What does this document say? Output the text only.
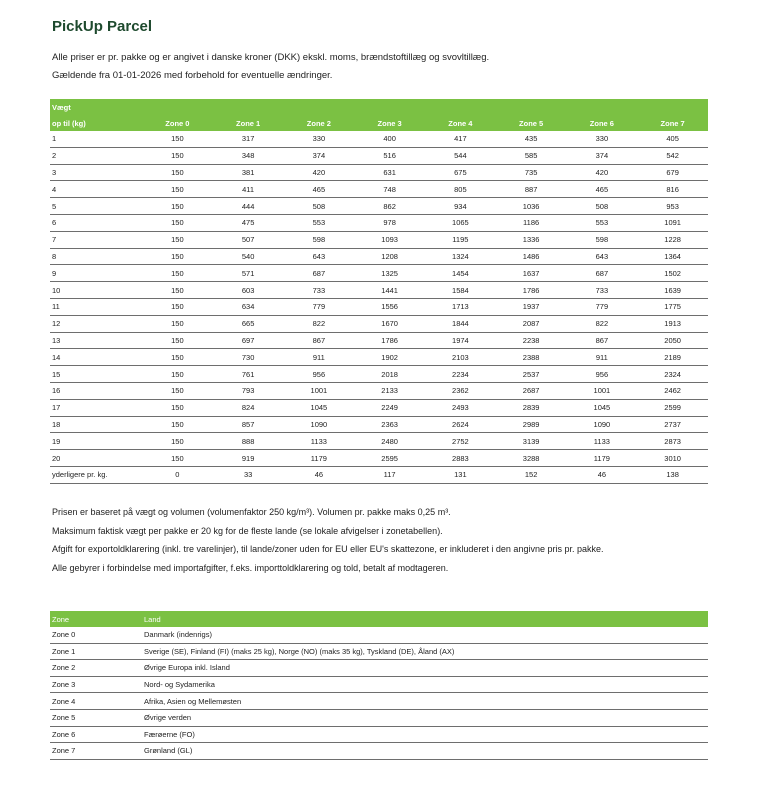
PickUp Parcel
Alle priser er pr. pakke og er angivet i danske kroner (DKK) ekskl. moms, brændstoftillæg og svovltillæg.
Gældende fra 01-01-2026 med forbehold for eventuelle ændringer.
Vægt								
op til (kg)	Zone 0	Zone 1	Zone 2	Zone 3	Zone 4	Zone 5	Zone 6	Zone 7
1	150	317	330	400	417	435	330	405
2	150	348	374	516	544	585	374	542
3	150	381	420	631	675	735	420	679
4	150	411	465	748	805	887	465	816
5	150	444	508	862	934	1036	508	953
6	150	475	553	978	1065	1186	553	1091
7	150	507	598	1093	1195	1336	598	1228
8	150	540	643	1208	1324	1486	643	1364
9	150	571	687	1325	1454	1637	687	1502
10	150	603	733	1441	1584	1786	733	1639
11	150	634	779	1556	1713	1937	779	1775
12	150	665	822	1670	1844	2087	822	1913
13	150	697	867	1786	1974	2238	867	2050
14	150	730	911	1902	2103	2388	911	2189
15	150	761	956	2018	2234	2537	956	2324
16	150	793	1001	2133	2362	2687	1001	2462
17	150	824	1045	2249	2493	2839	1045	2599
18	150	857	1090	2363	2624	2989	1090	2737
19	150	888	1133	2480	2752	3139	1133	2873
20	150	919	1179	2595	2883	3288	1179	3010
yderligere pr. kg.	0	33	46	117	131	152	46	138
Prisen er baseret på vægt og volumen (volumenfaktor 250 kg/m³). Volumen pr. pakke maks 0,25 m³.
Maksimum faktisk vægt per pakke er 20 kg for de fleste lande (se lokale afvigelser i zonetabellen).
Afgift for exportoldklarering (inkl. tre varelinjer), til lande/zoner uden for EU eller EU's skattezone, er inkluderet i den angivne pris pr. pakke.
Alle gebyrer i forbindelse med importafgifter, f.eks. importtoldklarering og told, betalt af modtageren.
Zone	Land
Zone 0	Danmark (indenrigs)
Zone 1	Sverige (SE), Finland (FI) (maks 25 kg), Norge (NO) (maks 35 kg), Tyskland (DE), Åland (AX)
Zone 2	Øvrige Europa inkl. Island
Zone 3	Nord- og Sydamerika
Zone 4	Afrika, Asien og Mellemøsten
Zone 5	Øvrige verden
Zone 6	Færøerne (FO)
Zone 7	Grønland (GL)
